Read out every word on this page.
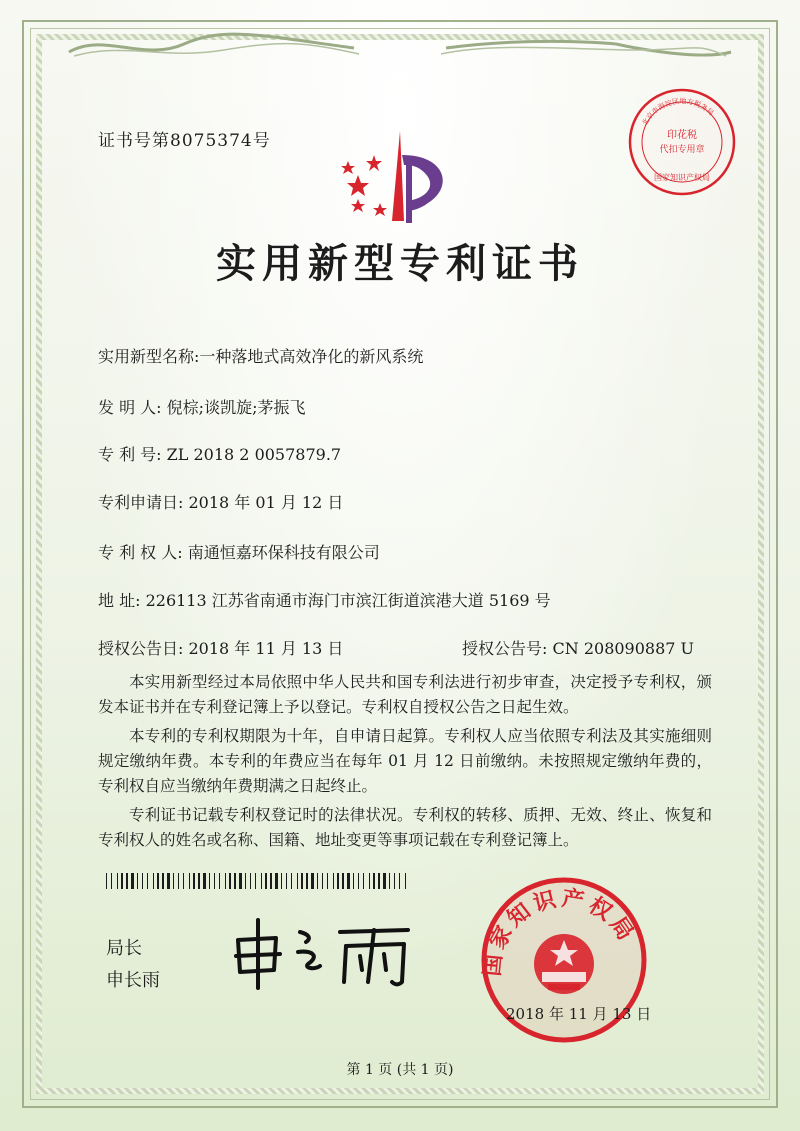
证书号第8075374号	印花税
代扣专用章
北京市海淀区地方税务局
国家知识产权局
实用新型专利证书
实用新型名称:一种落地式高效净化的新风系统
发 明 人: 倪棕;谈凯旋;茅振飞
专 利 号: ZL 2018 2 0057879.7
专利申请日: 2018 年 01 月 12 日
专 利 权 人: 南通恒嘉环保科技有限公司
地 址: 226113 江苏省南通市海门市滨江街道滨港大道 5169 号
授权公告日: 2018 年 11 月 13 日	授权公告号: CN 208090887 U

本实用新型经过本局依照中华人民共和国专利法进行初步审查，决定授予专利权，颁发本证书并在专利登记簿上予以登记。专利权自授权公告之日起生效。

本专利的专利权期限为十年，自申请日起算。专利权人应当依照专利法及其实施细则规定缴纳年费。本专利的年费应当在每年 01 月 12 日前缴纳。未按照规定缴纳年费的，专利权自应当缴纳年费期满之日起终止。

专利证书记载专利权登记时的法律状况。专利权的转移、质押、无效、终止、恢复和专利权人的姓名或名称、国籍、地址变更等事项记载在专利登记簿上。

局长
申长雨
国家知识产权局
2018 年 11 月 13 日
第 1 页 (共 1 页)
